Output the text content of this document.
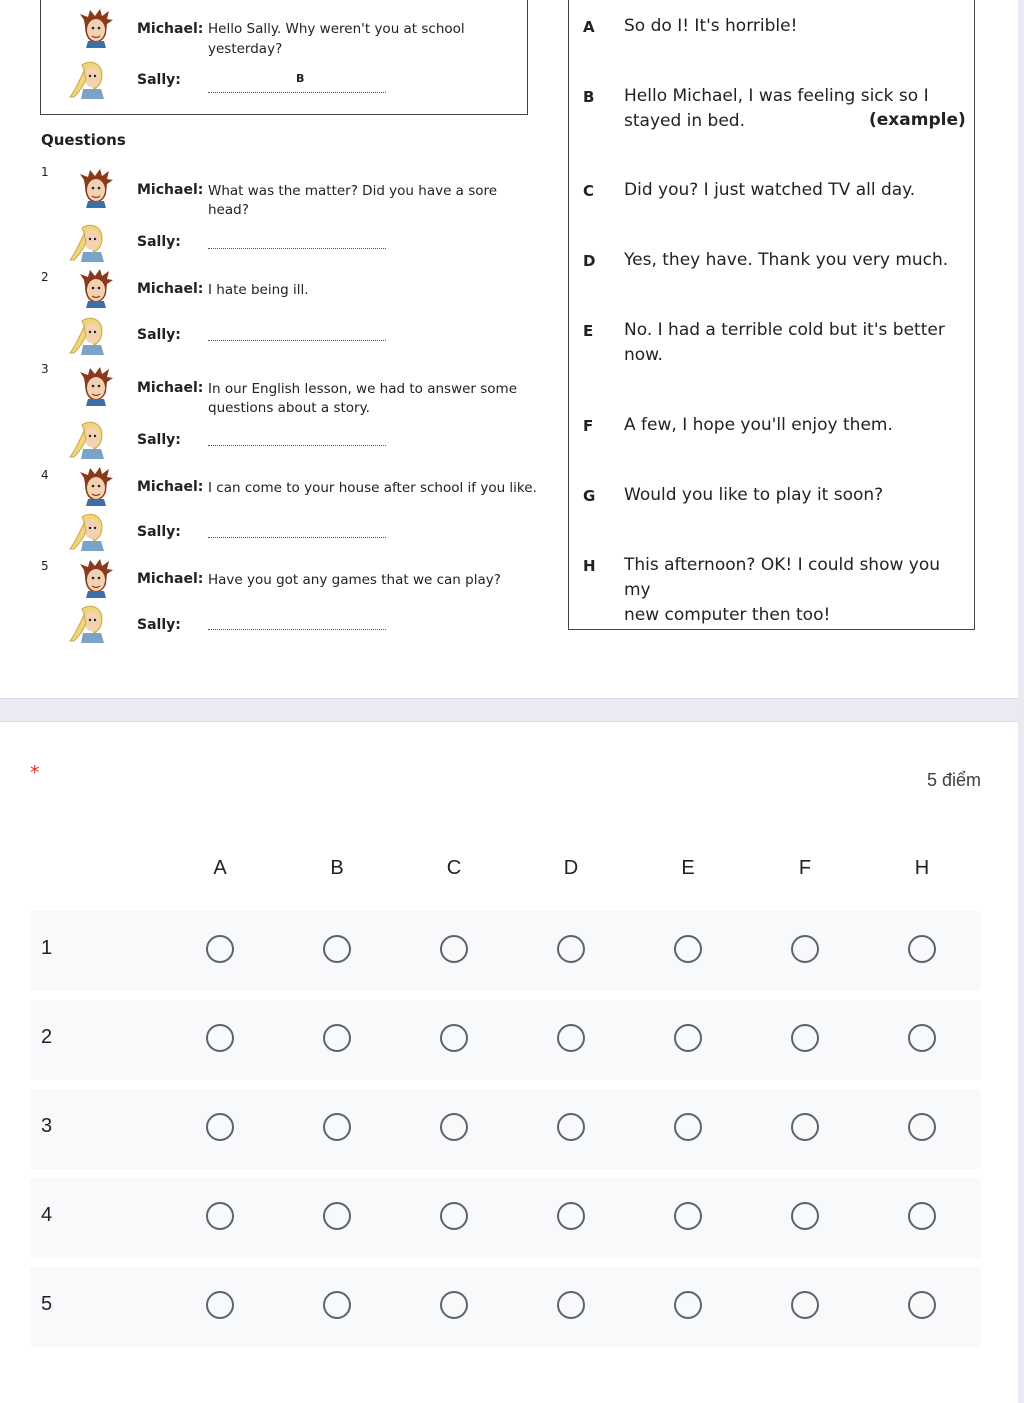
Michael: Hello Sally. Why weren't you at school
yesterday?
Sally:	B
Questions
1
Michael: What was the matter? Did you have a sore
head?
Sally:
2
Michael: I hate being ill.
Sally:
3
Michael: In our English lesson, we had to answer some
questions about a story.
Sally:
4
Michael: I can come to your house after school if you like.
Sally:
5
Michael: Have you got any games that we can play?
Sally:
A So do I! It's horrible!
B Hello Michael, I was feeling sick so I
stayed in bed.	(example)
C Did you? I just watched TV all day.
D Yes, they have. Thank you very much.
E No. I had a terrible cold but it's better
now.
F A few, I hope you'll enjoy them.
G Would you like to play it soon?
H This afternoon? OK! I could show you my
new computer then too!
*	5 điểm
A	B	C	D	E	F	H
1
2
3
4
5
